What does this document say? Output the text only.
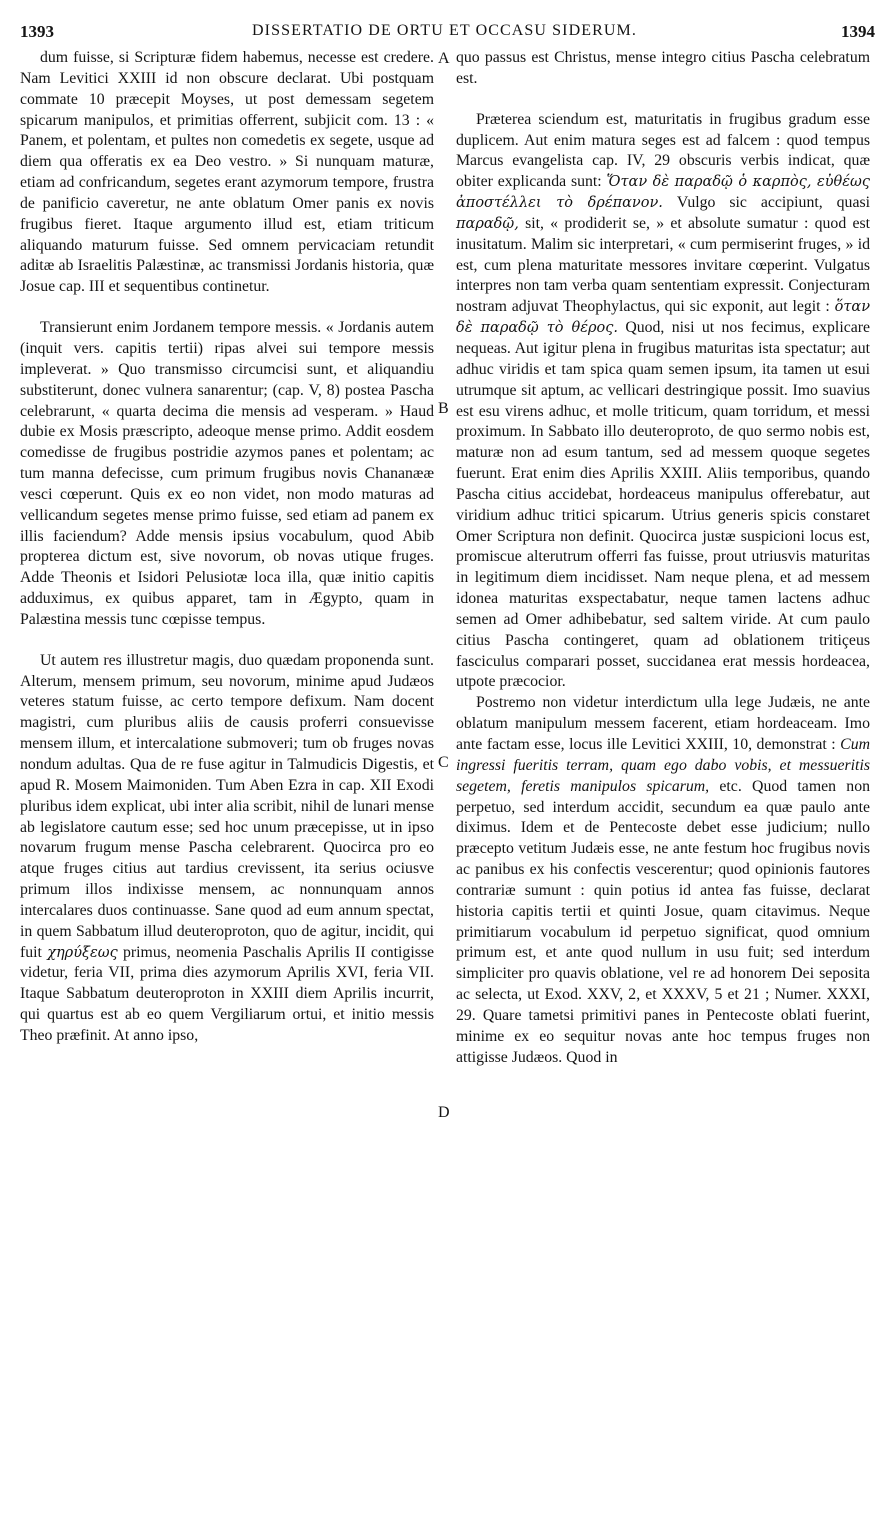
1393	DISSERTATIO DE ORTU ET OCCASU SIDERUM.	1394

dum fuisse, si Scripturæ fidem habemus, necesse est credere. Nam Levitici XXIII id non obscure declarat. Ubi postquam commate 10 præcepit Moyses, ut post demessam segetem spicarum manipulos, et primitias offerrent, subjicit com. 13 : « Panem, et polentam, et pultes non comedetis ex segete, usque ad diem qua offeratis ex ea Deo vestro. » Si nunquam maturæ, etiam ad confricandum, segetes erant azymorum tempore, frustra de panificio caveretur, ne ante oblatum Omer panis ex novis frugibus fieret. Itaque argumento illud est, etiam triticum aliquando maturum fuisse. Sed omnem pervicaciam retundit aditæ ab Israelitis Palæstinæ, ac transmissi Jordanis historia, quæ Josue cap. III et sequentibus continetur.

Transierunt enim Jordanem tempore messis. « Jordanis autem (inquit vers. capitis tertii) ripas alvei sui tempore messis impleverat. » Quo transmisso circumcisi sunt, et aliquandiu substiterunt, donec vulnera sanarentur; (cap. V, 8) postea Pascha celebrarunt, « quarta decima die mensis ad vesperam. » Haud dubie ex Mosis præscripto, adeoque mense primo. Addit eosdem comedisse de frugibus postridie azymos panes et polentam; ac tum manna defecisse, cum primum frugibus novis Chananææ vesci cœperunt. Quis ex eo non videt, non modo maturas ad vellicandum segetes mense primo fuisse, sed etiam ad panem ex illis faciendum? Adde mensis ipsius vocabulum, quod Abib propterea dictum est, sive novorum, ob novas utique fruges. Adde Theonis et Isidori Pelusiotæ loca illa, quæ initio capitis adduximus, ex quibus apparet, tam in Ægypto, quam in Palæstina messis tunc cœpisse tempus.

Ut autem res illustretur magis, duo quædam proponenda sunt. Alterum, mensem primum, seu novorum, minime apud Judæos veteres statum fuisse, ac certo tempore defixum. Nam docent magistri, cum pluribus aliis de causis proferri consuevisse mensem illum, et intercalatione submoveri; tum ob fruges novas nondum adultas. Qua de re fuse agitur in Talmudicis Digestis, et apud R. Mosem Maimoniden. Tum Aben Ezra in cap. XII Exodi pluribus idem explicat, ubi inter alia scribit, nihil de lunari mense ab legislatore cautum esse; sed hoc unum præcepisse, ut in ipso novarum frugum mense Pascha celebrarent. Quocirca pro eo atque fruges citius aut tardius crevissent, ita serius ociusve primum illos indixisse mensem, ac nonnunquam annos intercalares duos continuasse. Sane quod ad eum annum spectat, in quem Sabbatum illud deuteroproton, quo de agitur, incidit, qui fuit χηρύξεως primus, neomenia Paschalis Aprilis II contigisse videtur, feria VII, prima dies azymorum Aprilis XVI, feria VII. Itaque Sabbatum deuteroproton in XXIII diem Aprilis incurrit, qui quartus est ab eo quem Vergiliarum ortui, et initio messis Theo præfinit. At anno ipso,

A
B
C
D

quo passus est Christus, mense integro citius Pascha celebratum est.

Præterea sciendum est, maturitatis in frugibus gradum esse duplicem. Aut enim matura seges est ad falcem : quod tempus Marcus evangelista cap. IV, 29 obscuris verbis indicat, quæ obiter explicanda sunt: Ὅταν δὲ παραδῷ ὁ καρπὸς, εὐθέως ἀποστέλλει τὸ δρέπανον. Vulgo sic accipiunt, quasi παραδῷ, sit, « prodiderit se, » et absolute sumatur : quod est inusitatum. Malim sic interpretari, « cum permiserint fruges, » id est, cum plena maturitate messores invitare cœperint. Vulgatus interpres non tam verba quam sententiam expressit. Conjecturam nostram adjuvat Theophylactus, qui sic exponit, aut legit : ὅταν δὲ παραδῷ τὸ θέρος. Quod, nisi ut nos fecimus, explicare nequeas. Aut igitur plena in frugibus maturitas ista spectatur; aut adhuc viridis et tam spica quam semen ipsum, ita tamen ut esui utrumque sit aptum, ac vellicari destringique possit. Imo suavius est esu virens adhuc, et molle triticum, quam torridum, et messi proximum. In Sabbato illo deuteroproto, de quo sermo nobis est, maturæ non ad esum tantum, sed ad messem quoque segetes fuerunt. Erat enim dies Aprilis XXIII. Aliis temporibus, quando Pascha citius accidebat, hordeaceus manipulus offerebatur, aut viridium adhuc tritici spicarum. Utrius generis spicis constaret Omer Scriptura non definit. Quocirca justæ suspicioni locus est, promiscue alterutrum offerri fas fuisse, prout utriusvis maturitas in legitimum diem incidisset. Nam neque plena, et ad messem idonea maturitas exspectabatur, neque tamen lactens adhuc semen ad Omer adhibebatur, sed saltem viride. At cum paulo citius Pascha contingeret, quam ad oblationem tritiçeus fasciculus comparari posset, succidanea erat messis hordeacea, utpote præcocior.

Postremo non videtur interdictum ulla lege Judæis, ne ante oblatum manipulum messem facerent, etiam hordeaceam. Imo ante factam esse, locus ille Levitici XXIII, 10, demonstrat : Cum ingressi fueritis terram, quam ego dabo vobis, et messueritis segetem, feretis manipulos spicarum, etc. Quod tamen non perpetuo, sed interdum accidit, secundum ea quæ paulo ante diximus. Idem et de Pentecoste debet esse judicium; nullo præcepto vetitum Judæis esse, ne ante festum hoc frugibus novis ac panibus ex his confectis vescerentur; quod opinionis fautores contrariæ sumunt : quin potius id antea fas fuisse, declarat historia capitis tertii et quinti Josue, quam citavimus. Neque primitiarum vocabulum id perpetuo significat, quod omnium primum est, et ante quod nullum in usu fuit; sed interdum simpliciter pro quavis oblatione, vel re ad honorem Dei seposita ac selecta, ut Exod. XXV, 2, et XXXV, 5 et 21 ; Numer. XXXI, 29. Quare tametsi primitivi panes in Pentecoste oblati fuerint, minime ex eo sequitur novas ante hoc tempus fruges non attigisse Judæos. Quod in
